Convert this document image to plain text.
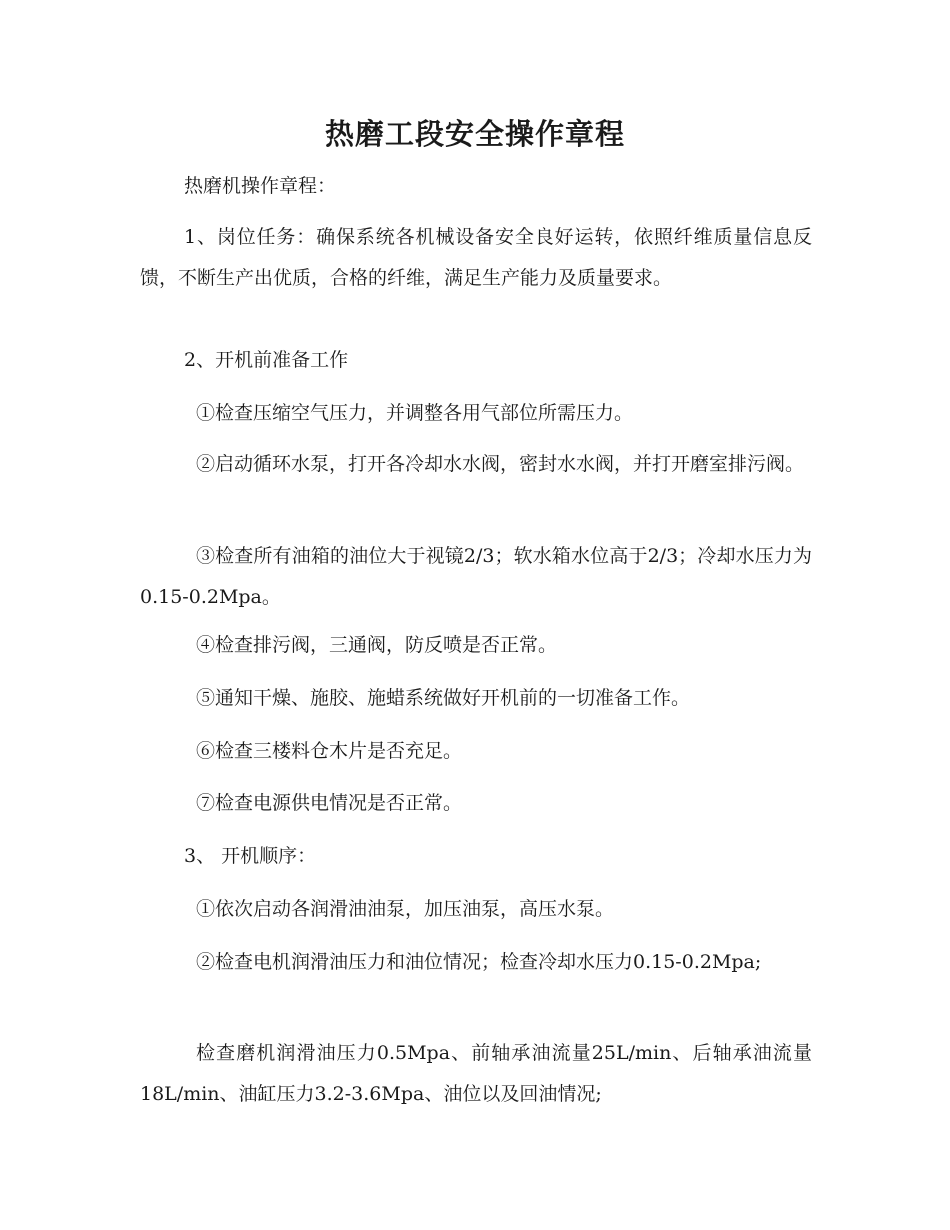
热磨工段安全操作章程
热磨机操作章程：
1、岗位任务：确保系统各机械设备安全良好运转，依照纤维质量信息反馈，不断生产出优质，合格的纤维，满足生产能力及质量要求。
2、开机前准备工作
①检查压缩空气压力，并调整各用气部位所需压力。
②启动循环水泵，打开各冷却水水阀，密封水水阀，并打开磨室排污阀。
③检查所有油箱的油位大于视镜2/3；软水箱水位高于2/3；冷却水压力为0.15-0.2Mpa。
④检查排污阀，三通阀，防反喷是否正常。
⑤通知干燥、施胶、施蜡系统做好开机前的一切准备工作。
⑥检查三楼料仓木片是否充足。
⑦检查电源供电情况是否正常。
3、 开机顺序：
①依次启动各润滑油油泵，加压油泵，高压水泵。
②检查电机润滑油压力和油位情况；检查冷却水压力0.15-0.2Mpa;
检查磨机润滑油压力0.5Mpa、前轴承油流量25L/min、后轴承油流量18L/min、油缸压力3.2-3.6Mpa、油位以及回油情况;
